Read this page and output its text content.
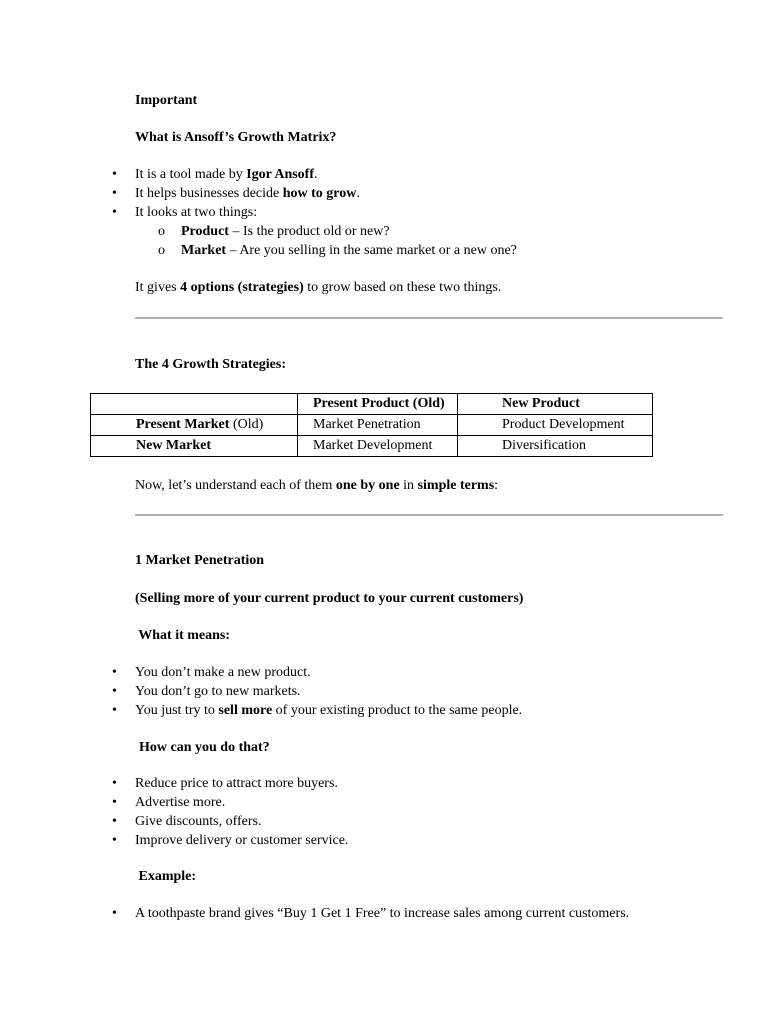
Important
What is Ansoff’s Growth Matrix?
• It is a tool made by Igor Ansoff.
• It helps businesses decide how to grow.
• It looks at two things:
o Product – Is the product old or new?
o Market – Are you selling in the same market or a new one?
It gives 4 options (strategies) to grow based on these two things.
The 4 Growth Strategies:
	Present Product (Old)	New Product
Present Market (Old)	Market Penetration	Product Development
New Market	Market Development	Diversification
Now, let’s understand each of them one by one in simple terms:
1 Market Penetration
(Selling more of your current product to your current customers)
What it means:
• You don’t make a new product.
• You don’t go to new markets.
• You just try to sell more of your existing product to the same people.
How can you do that?
• Reduce price to attract more buyers.
• Advertise more.
• Give discounts, offers.
• Improve delivery or customer service.
Example:
• A toothpaste brand gives “Buy 1 Get 1 Free” to increase sales among current customers.
